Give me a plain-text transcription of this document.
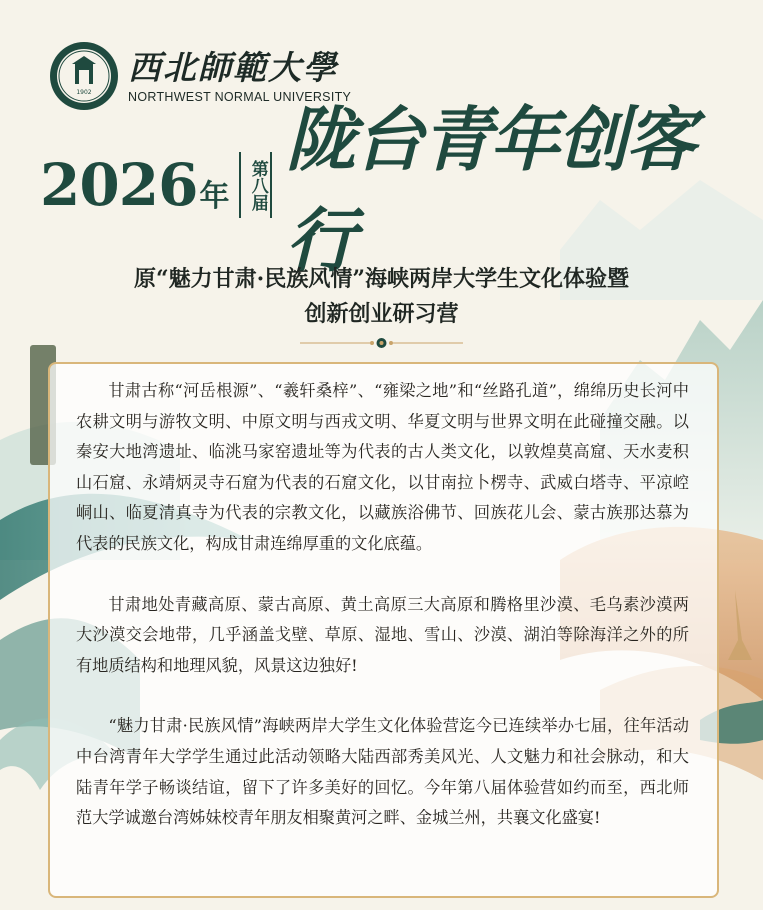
1902
西北師範大學
NORTHWEST NORMAL UNIVERSITY
2026 年	第八届
陇台青年创客行
原“魅力甘肃·民族风情”海峡两岸大学生文化体验暨
创新创业研习营

甘肃古称“河岳根源”、“羲轩桑梓”、“雍梁之地”和“丝路孔道”，绵绵历史长河中农耕文明与游牧文明、中原文明与西戎文明、华夏文明与世界文明在此碰撞交融。以秦安大地湾遗址、临洮马家窑遗址等为代表的古人类文化，以敦煌莫高窟、天水麦积山石窟、永靖炳灵寺石窟为代表的石窟文化，以甘南拉卜楞寺、武威白塔寺、平凉崆峒山、临夏清真寺为代表的宗教文化，以藏族浴佛节、回族花儿会、蒙古族那达慕为代表的民族文化，构成甘肃连绵厚重的文化底蕴。

甘肃地处青藏高原、蒙古高原、黄土高原三大高原和腾格里沙漠、毛乌素沙漠两大沙漠交会地带，几乎涵盖戈壁、草原、湿地、雪山、沙漠、湖泊等除海洋之外的所有地质结构和地理风貌，风景这边独好!

“魅力甘肃·民族风情”海峡两岸大学生文化体验营迄今已连续举办七届，往年活动中台湾青年大学学生通过此活动领略大陆西部秀美风光、人文魅力和社会脉动，和大陆青年学子畅谈结谊，留下了许多美好的回忆。今年第八届体验营如约而至，西北师范大学诚邀台湾姊妹校青年朋友相聚黄河之畔、金城兰州，共襄文化盛宴!
